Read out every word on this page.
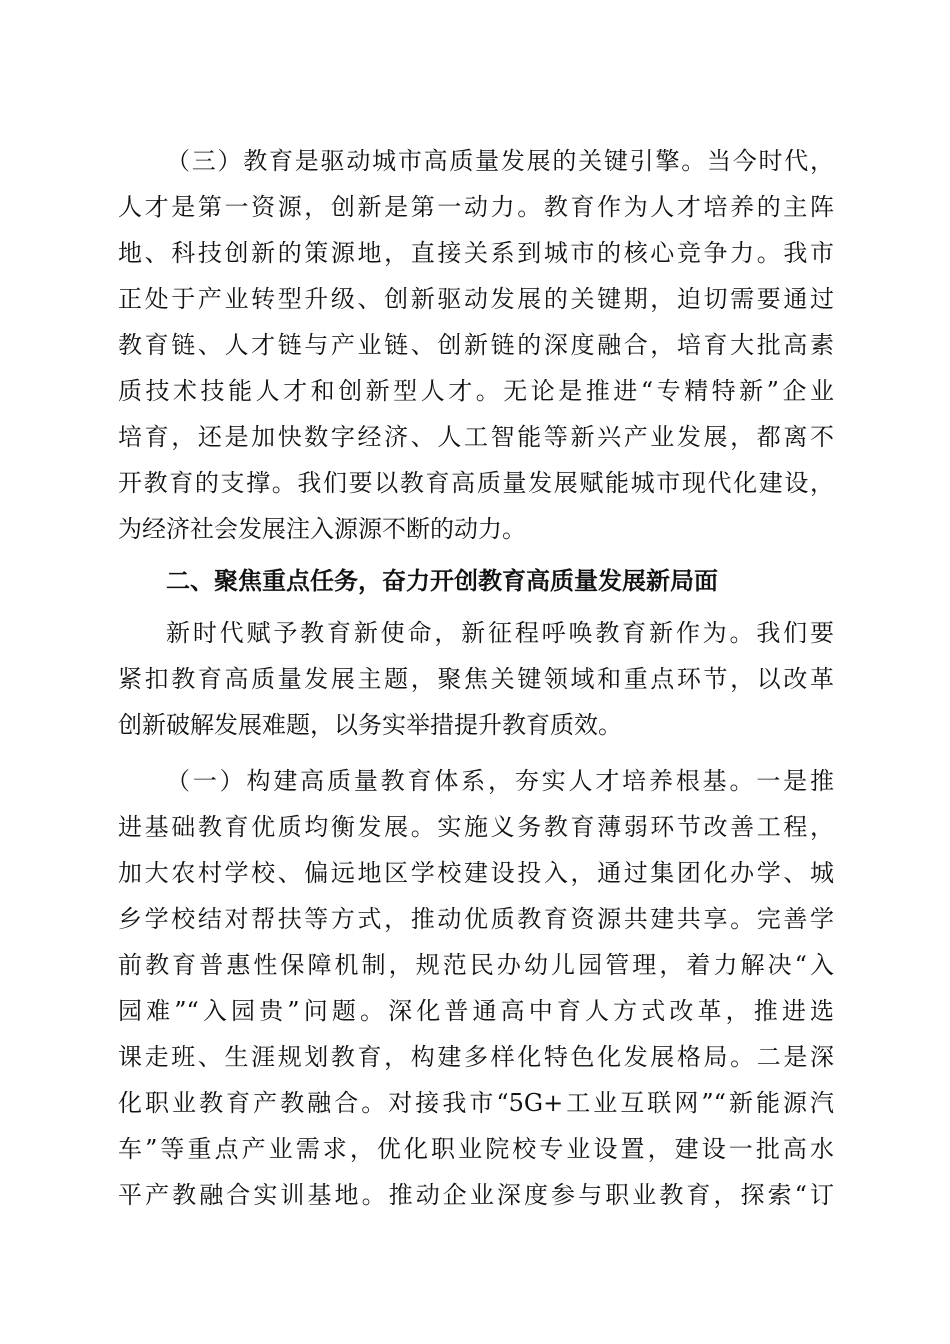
（三）教育是驱动城市高质量发展的关键引擎。当今时代，
人才是第一资源，创新是第一动力。教育作为人才培养的主阵
地、科技创新的策源地，直接关系到城市的核心竞争力。我市
正处于产业转型升级、创新驱动发展的关键期，迫切需要通过
教育链、人才链与产业链、创新链的深度融合，培育大批高素
质技术技能人才和创新型人才。无论是推进“专精特新”企业
培育，还是加快数字经济、人工智能等新兴产业发展，都离不
开教育的支撑。我们要以教育高质量发展赋能城市现代化建设，
为经济社会发展注入源源不断的动力。
二、聚焦重点任务，奋力开创教育高质量发展新局面
新时代赋予教育新使命，新征程呼唤教育新作为。我们要
紧扣教育高质量发展主题，聚焦关键领域和重点环节，以改革
创新破解发展难题，以务实举措提升教育质效。
（一）构建高质量教育体系，夯实人才培养根基。一是推
进基础教育优质均衡发展。实施义务教育薄弱环节改善工程，
加大农村学校、偏远地区学校建设投入，通过集团化办学、城
乡学校结对帮扶等方式，推动优质教育资源共建共享。完善学
前教育普惠性保障机制，规范民办幼儿园管理，着力解决“入
园难”“入园贵”问题。深化普通高中育人方式改革，推进选
课走班、生涯规划教育，构建多样化特色化发展格局。二是深
化职业教育产教融合。对接我市“5G+工业互联网”“新能源汽
车”等重点产业需求，优化职业院校专业设置，建设一批高水
平产教融合实训基地。推动企业深度参与职业教育，探索“订
